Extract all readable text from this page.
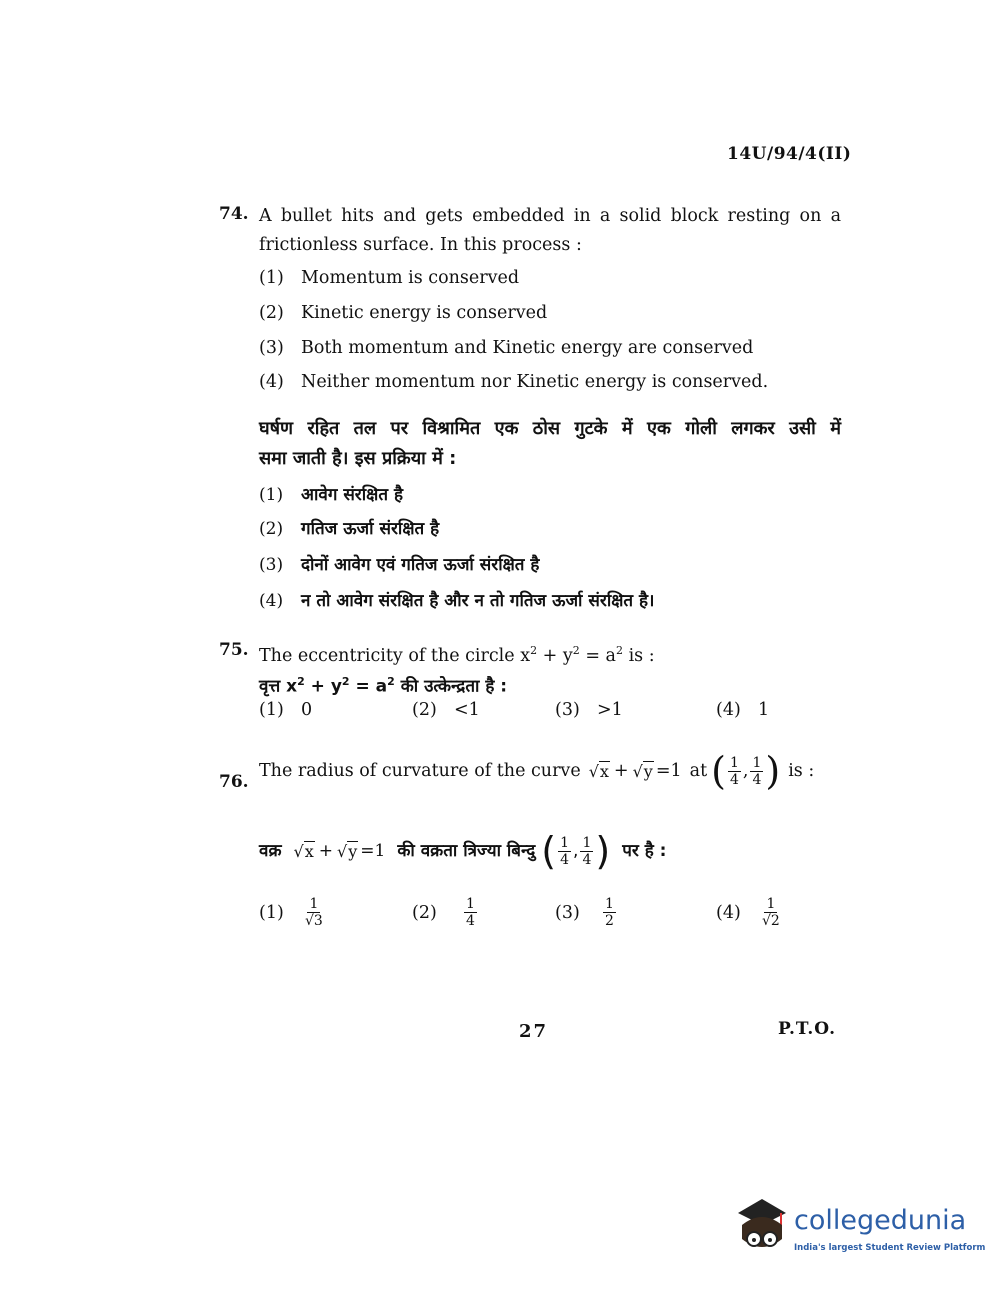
14U/94/4(II)
74. A bullet hits and gets embedded in a solid block resting on a
frictionless surface. In this process :
(1) Momentum is conserved
(2) Kinetic energy is conserved
(3) Both momentum and Kinetic energy are conserved
(4) Neither momentum nor Kinetic energy is conserved.
घर्षण रहित तल पर विश्रामित एक ठोस गुटके में एक गोली लगकर उसी में
समा जाती है। इस प्रक्रिया में :
(1) आवेग संरक्षित है
(2) गतिज ऊर्जा संरक्षित है
(3) दोनों आवेग एवं गतिज ऊर्जा संरक्षित है
(4) न तो आवेग संरक्षित है और न तो गतिज ऊर्जा संरक्षित है।
75. The eccentricity of the circle $x^2 + y^2 = a^2$ is :
वृत्त $x^2 + y^2 = a^2$ की उत्केन्द्रता है :
(1) 0	(2) <1	(3) >1	(4) 1
76.
The radius of curvature of the curve √x + √y =1 at ( $\frac{1}{4}$ , $\frac{1}{4}$ ) is :
वक्र √x + √y =1 की वक्रता त्रिज्या बिन्दु ( $\frac{1}{4}$ , $\frac{1}{4}$ ) पर है :
(1)	$\frac{1}{√3}$	(2)	$\frac{1}{4}$	(3)	$\frac{1}{2}$	(4)	$\frac{1}{√2}$
27	P.T.O.
collegedunia
India's largest Student Review Platform
